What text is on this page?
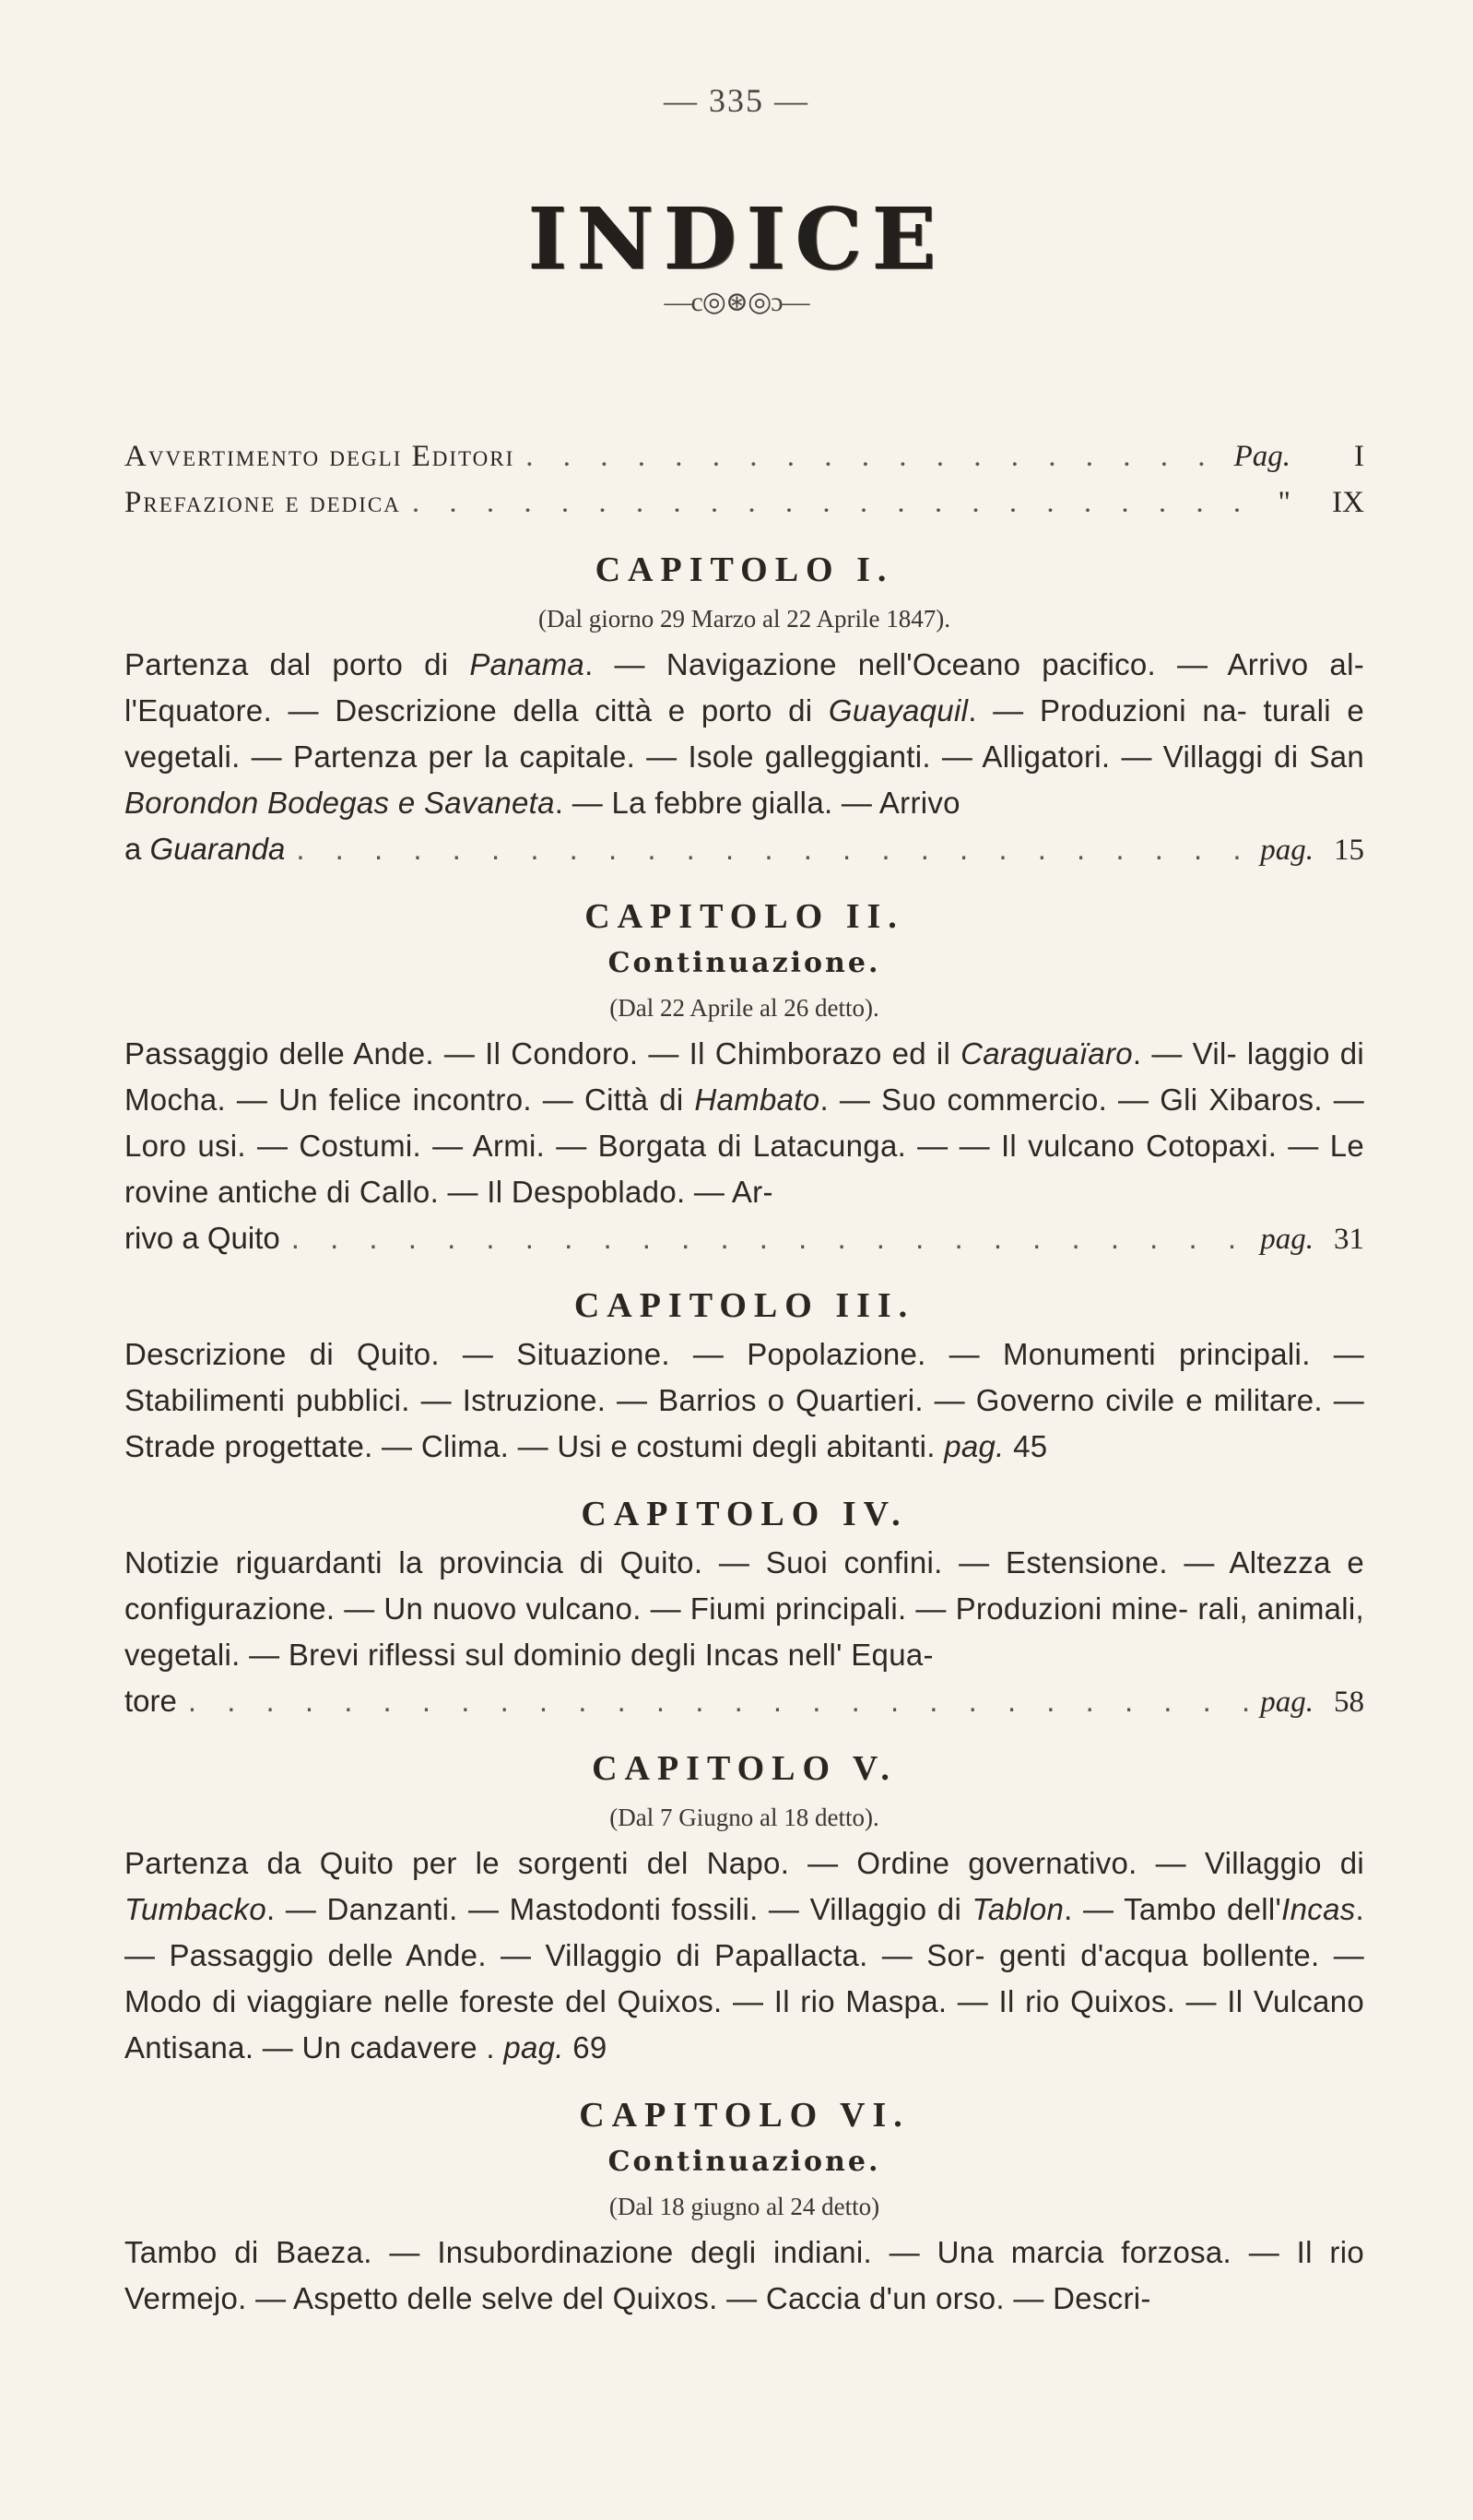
— 335 —
INDICE
—c◎⊛◎ɔ—
Avvertimento degli Editori . . .	Pag.	I
Prefazione e dedica . . .	"	IX
CAPITOLO I.
(Dal giorno 29 Marzo al 22 Aprile 1847).
Partenza dal porto di Panama. — Navigazione nell'Oceano pacifico. — Arrivo al- l'Equatore. — Descrizione della città e porto di Guayaquil. — Produzioni na- turali e vegetali. — Partenza per la capitale. — Isole galleggianti. — Alligatori. — Villaggi di San Borondon Bodegas e Savaneta. — La febbre gialla. — Arrivo
a Guaranda . . .	pag. 15
CAPITOLO II.
Continuazione.
(Dal 22 Aprile al 26 detto).
Passaggio delle Ande. — Il Condoro. — Il Chimborazo ed il Caraguaïaro. — Vil- laggio di Mocha. — Un felice incontro. — Città di Hambato. — Suo commercio. — Gli Xibaros. — Loro usi. — Costumi. — Armi. — Borgata di Latacunga. — — Il vulcano Cotopaxi. — Le rovine antiche di Callo. — Il Despoblado. — Ar-
rivo a Quito . . .	pag. 31
CAPITOLO III.
Descrizione di Quito. — Situazione. — Popolazione. — Monumenti principali. — Stabilimenti pubblici. — Istruzione. — Barrios o Quartieri. — Governo civile e militare. — Strade progettate. — Clima. — Usi e costumi degli abitanti. pag. 45
CAPITOLO IV.
Notizie riguardanti la provincia di Quito. — Suoi confini. — Estensione. — Altezza e configurazione. — Un nuovo vulcano. — Fiumi principali. — Produzioni mine- rali, animali, vegetali. — Brevi riflessi sul dominio degli Incas nell' Equa-
tore . . .	pag. 58
CAPITOLO V.
(Dal 7 Giugno al 18 detto).
Partenza da Quito per le sorgenti del Napo. — Ordine governativo. — Villaggio di Tumbacko. — Danzanti. — Mastodonti fossili. — Villaggio di Tablon. — Tambo dell'Incas. — Passaggio delle Ande. — Villaggio di Papallacta. — Sor- genti d'acqua bollente. — Modo di viaggiare nelle foreste del Quixos. — Il rio Maspa. — Il rio Quixos. — Il Vulcano Antisana. — Un cadavere . pag. 69
CAPITOLO VI.
Continuazione.
(Dal 18 giugno al 24 detto)
Tambo di Baeza. — Insubordinazione degli indiani. — Una marcia forzosa. — Il rio Vermejo. — Aspetto delle selve del Quixos. — Caccia d'un orso. — Descri-
